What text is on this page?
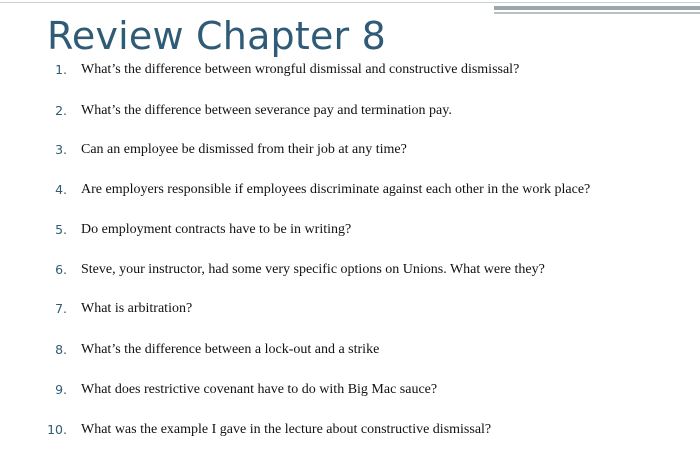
Review Chapter 8
1. What’s the difference between wrongful dismissal and constructive dismissal?
2. What’s the difference between severance pay and termination pay.
3. Can an employee be dismissed from their job at any time?
4. Are employers responsible if employees discriminate against each other in the work place?
5. Do employment contracts have to be in writing?
6. Steve, your instructor, had some very specific options on Unions. What were they?
7. What is arbitration?
8. What’s the difference between a lock-out and a strike
9. What does restrictive covenant have to do with Big Mac sauce?
10. What was the example I gave in the lecture about constructive dismissal?
